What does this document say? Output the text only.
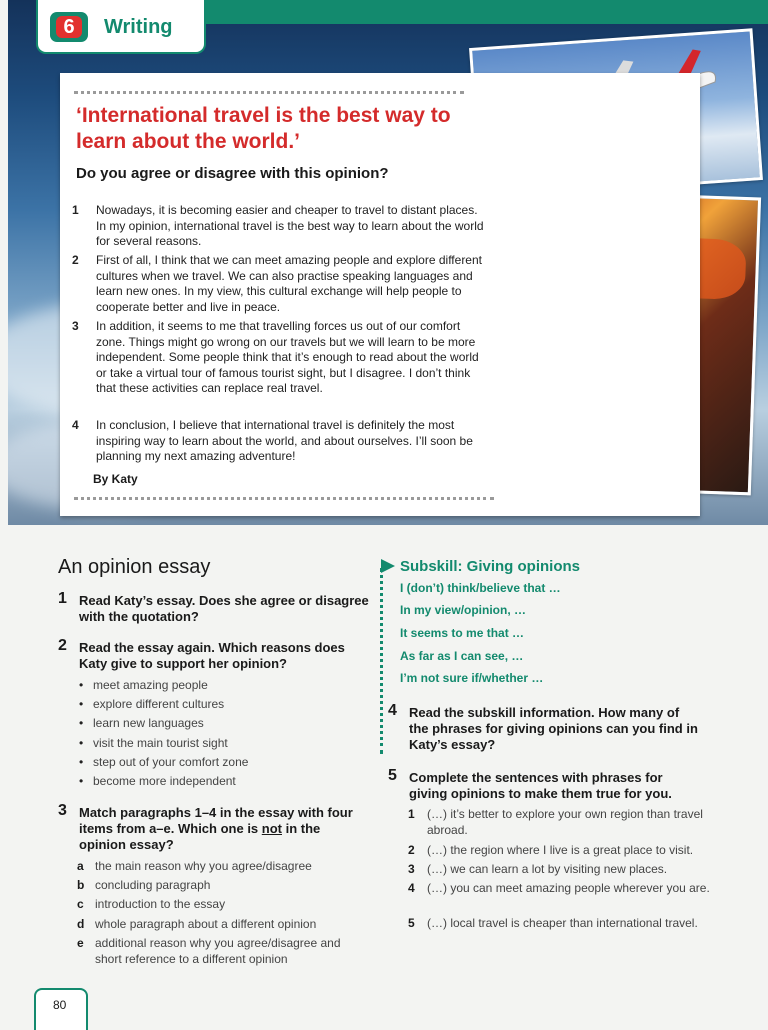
6	Writing
‘International travel is the best way to learn about the world.’
Do you agree or disagree with this opinion?
1 Nowadays, it is becoming easier and cheaper to travel to distant places. In my opinion, international travel is the best way to learn about the world for several reasons.
2 First of all, I think that we can meet amazing people and explore different cultures when we travel. We can also practise speaking languages and learn new ones. In my view, this cultural exchange will help people to cooperate better and live in peace.
3 In addition, it seems to me that travelling forces us out of our comfort zone. Things might go wrong on our travels but we will learn to be more independent. Some people think that it’s enough to read about the world or take a virtual tour of famous tourist sight, but I disagree. I don’t think that these activities can replace real travel.
4 In conclusion, I believe that international travel is definitely the most inspiring way to learn about the world, and about ourselves. I’ll soon be planning my next amazing adventure!
By Katy
An opinion essay
1 Read Katy’s essay. Does she agree or disagree with the quotation?
2 Read the essay again. Which reasons does Katy give to support her opinion?
• meet amazing people
• explore different cultures
• learn new languages
• visit the main tourist sight
• step out of your comfort zone
• become more independent
3 Match paragraphs 1–4 in the essay with four items from a–e. Which one is not in the opinion essay?
a the main reason why you agree/disagree
b concluding paragraph
c introduction to the essay
d whole paragraph about a different opinion
e additional reason why you agree/disagree and short reference to a different opinion
Subskill: Giving opinions
I (don’t) think/believe that …
In my view/opinion, …
It seems to me that …
As far as I can see, …
I’m not sure if/whether …
4 Read the subskill information. How many of the phrases for giving opinions can you find in Katy’s essay?
5 Complete the sentences with phrases for giving opinions to make them true for you.
1 (…) it’s better to explore your own region than travel abroad.
2 (…) the region where I live is a great place to visit.
3 (…) we can learn a lot by visiting new places.
4 (…) you can meet amazing people wherever you are.
5 (…) local travel is cheaper than international travel.
80
